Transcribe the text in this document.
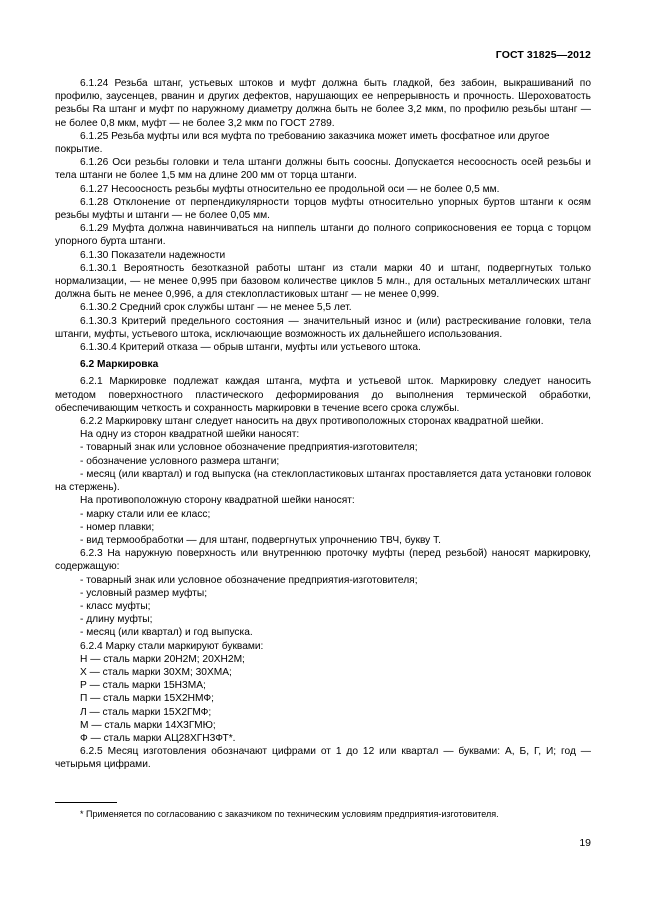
ГОСТ 31825—2012

6.1.24 Резьба штанг, устьевых штоков и муфт должна быть гладкой, без забоин, выкрашиваний по профилю, заусенцев, рванин и других дефектов, нарушающих ее непрерывность и прочность. Шероховатость резьбы Ra штанг и муфт по наружному диаметру должна быть не более 3,2 мкм, по профилю резьбы штанг — не более 0,8 мкм, муфт — не более 3,2 мкм по ГОСТ 2789.

6.1.25 Резьба муфты или вся муфта по требованию заказчика может иметь фосфатное или другое покрытие.

6.1.26 Оси резьбы головки и тела штанги должны быть соосны. Допускается несоосность осей резьбы и тела штанги не более 1,5 мм на длине 200 мм от торца штанги.

6.1.27 Несоосность резьбы муфты относительно ее продольной оси — не более 0,5 мм.

6.1.28 Отклонение от перпендикулярности торцов муфты относительно упорных буртов штанги к осям резьбы муфты и штанги — не более 0,05 мм.

6.1.29 Муфта должна навинчиваться на ниппель штанги до полного соприкосновения ее торца с торцом упорного бурта штанги.

6.1.30 Показатели надежности

6.1.30.1 Вероятность безотказной работы штанг из стали марки 40 и штанг, подвергнутых только нормализации, — не менее 0,995 при базовом количестве циклов 5 млн., для остальных металлических штанг должна быть не менее 0,996, а для стеклопластиковых штанг — не менее 0,999.

6.1.30.2 Средний срок службы штанг — не менее 5,5 лет.

6.1.30.3 Критерий предельного состояния — значительный износ и (или) растрескивание головки, тела штанги, муфты, устьевого штока, исключающие возможность их дальнейшего использования.

6.1.30.4 Критерий отказа — обрыв штанги, муфты или устьевого штока.

6.2 Маркировка

6.2.1 Маркировке подлежат каждая штанга, муфта и устьевой шток. Маркировку следует наносить методом поверхностного пластического деформирования до выполнения термической обработки, обеспечивающим четкость и сохранность маркировки в течение всего срока службы.

6.2.2 Маркировку штанг следует наносить на двух противоположных сторонах квадратной шейки.

На одну из сторон квадратной шейки наносят:

- товарный знак или условное обозначение предприятия-изготовителя;

- обозначение условного размера штанги;

- месяц (или квартал) и год выпуска (на стеклопластиковых штангах проставляется дата установки головок на стержень).

На противоположную сторону квадратной шейки наносят:

- марку стали или ее класс;

- номер плавки;

- вид термообработки — для штанг, подвергнутых упрочнению ТВЧ, букву Т.

6.2.3 На наружную поверхность или внутреннюю проточку муфты (перед резьбой) наносят маркировку, содержащую:

- товарный знак или условное обозначение предприятия-изготовителя;

- условный размер муфты;

- класс муфты;

- длину муфты;

- месяц (или квартал) и год выпуска.

6.2.4 Марку стали маркируют буквами:

Н — сталь марки 20Н2М; 20ХН2М;

Х — сталь марки 30ХМ; 30ХМА;

Р — сталь марки 15Н3МА;

П — сталь марки 15Х2НМФ;

Л — сталь марки 15Х2ГМФ;

М — сталь марки 14Х3ГМЮ;

Ф — сталь марки АЦ28ХГН3ФТ*.

6.2.5 Месяц изготовления обозначают цифрами от 1 до 12 или квартал — буквами: А, Б, Г, И; год — четырьмя цифрами.

* Применяется по согласованию с заказчиком по техническим условиям предприятия-изготовителя.
19
